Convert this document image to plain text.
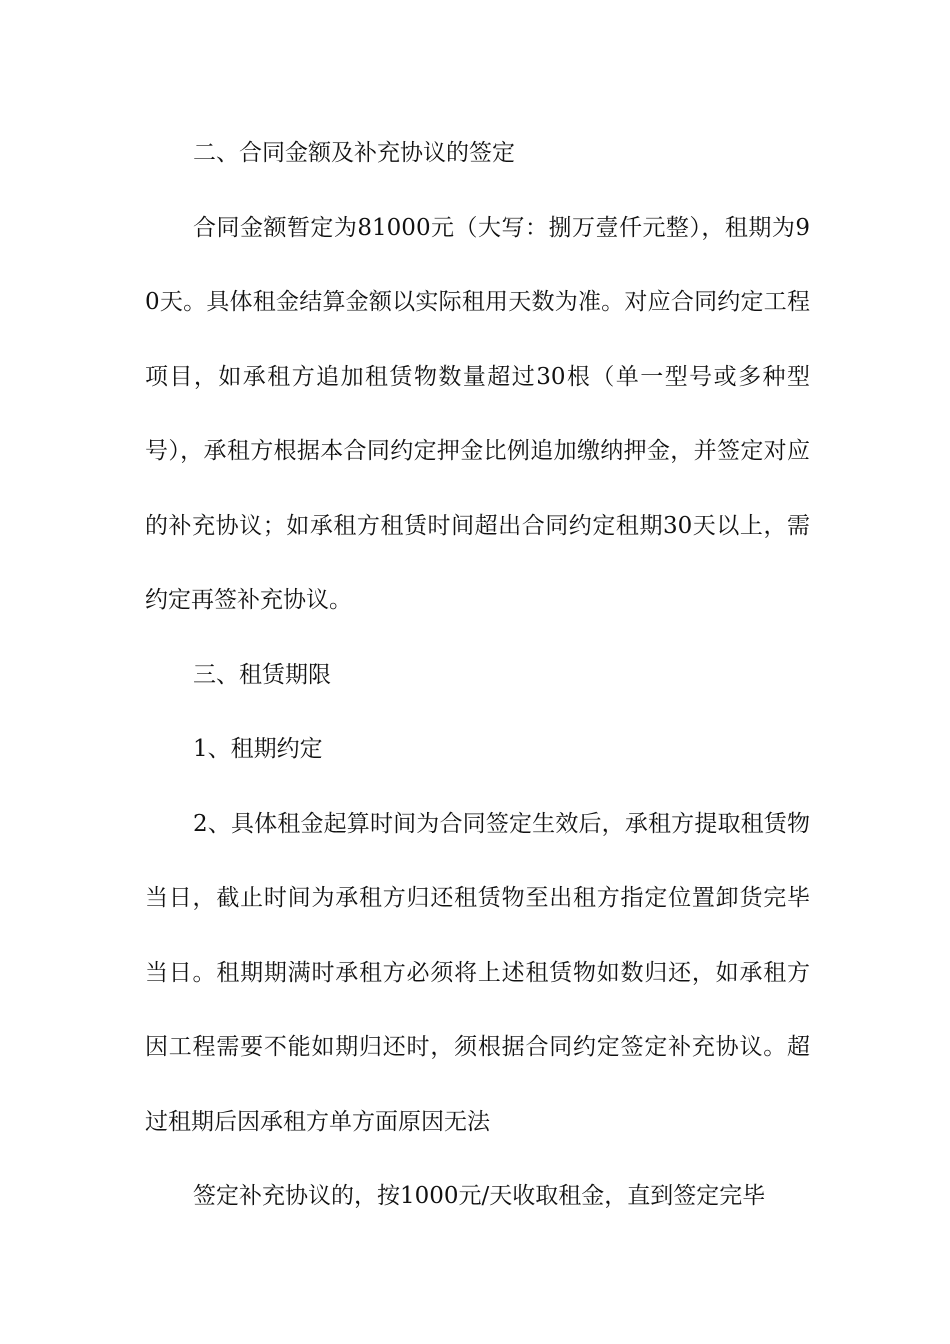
二、合同金额及补充协议的签定

合同金额暂定为81000元（大写：捌万壹仟元整），租期为90天。具体租金结算金额以实际租用天数为准。对应合同约定工程项目，如承租方追加租赁物数量超过30根（单一型号或多种型号），承租方根据本合同约定押金比例追加缴纳押金，并签定对应的补充协议；如承租方租赁时间超出合同约定租期30天以上，需约定再签补充协议。

三、租赁期限

1、租期约定

2、具体租金起算时间为合同签定生效后，承租方提取租赁物当日，截止时间为承租方归还租赁物至出租方指定位置卸货完毕当日。租期期满时承租方必须将上述租赁物如数归还，如承租方因工程需要不能如期归还时，须根据合同约定签定补充协议。超过租期后因承租方单方面原因无法

签定补充协议的，按1000元/天收取租金，直到签定完毕
